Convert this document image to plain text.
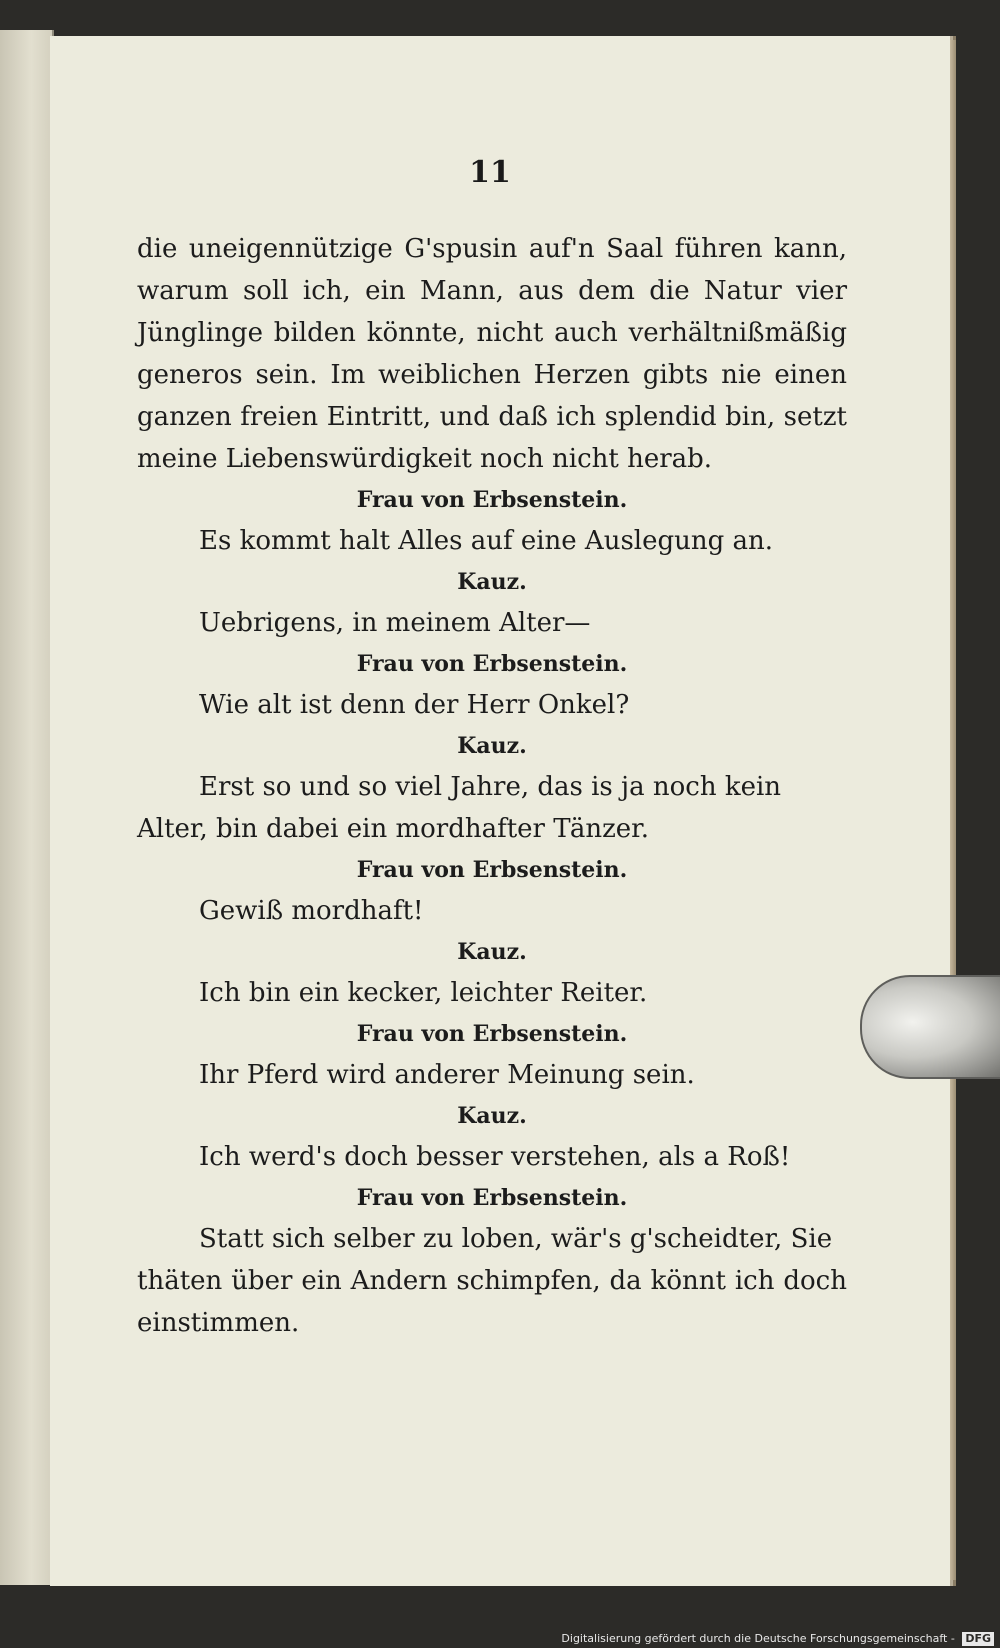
11
die uneigennützige G'spusin auf'n Saal führen kann,
warum soll ich, ein Mann, aus dem die Natur vier
Jünglinge bilden könnte, nicht auch verhältnißmäßig
generos sein. Im weiblichen Herzen gibts nie einen
ganzen freien Eintritt, und daß ich splendid bin, setzt
meine Liebenswürdigkeit noch nicht herab.
Frau von Erbsenstein.
Es kommt halt Alles auf eine Auslegung an.
Kauz.
Uebrigens, in meinem Alter—
Frau von Erbsenstein.
Wie alt ist denn der Herr Onkel?
Kauz.
Erst so und so viel Jahre, das is ja noch kein
Alter, bin dabei ein mordhafter Tänzer.
Frau von Erbsenstein.
Gewiß mordhaft!
Kauz.
Ich bin ein kecker, leichter Reiter.
Frau von Erbsenstein.
Ihr Pferd wird anderer Meinung sein.
Kauz.
Ich werd's doch besser verstehen, als a Roß!
Frau von Erbsenstein.
Statt sich selber zu loben, wär's g'scheidter, Sie
thäten über ein Andern schimpfen, da könnt ich doch
einstimmen.
Digitalisierung gefördert durch die Deutsche Forschungsgemeinschaft - DFG
